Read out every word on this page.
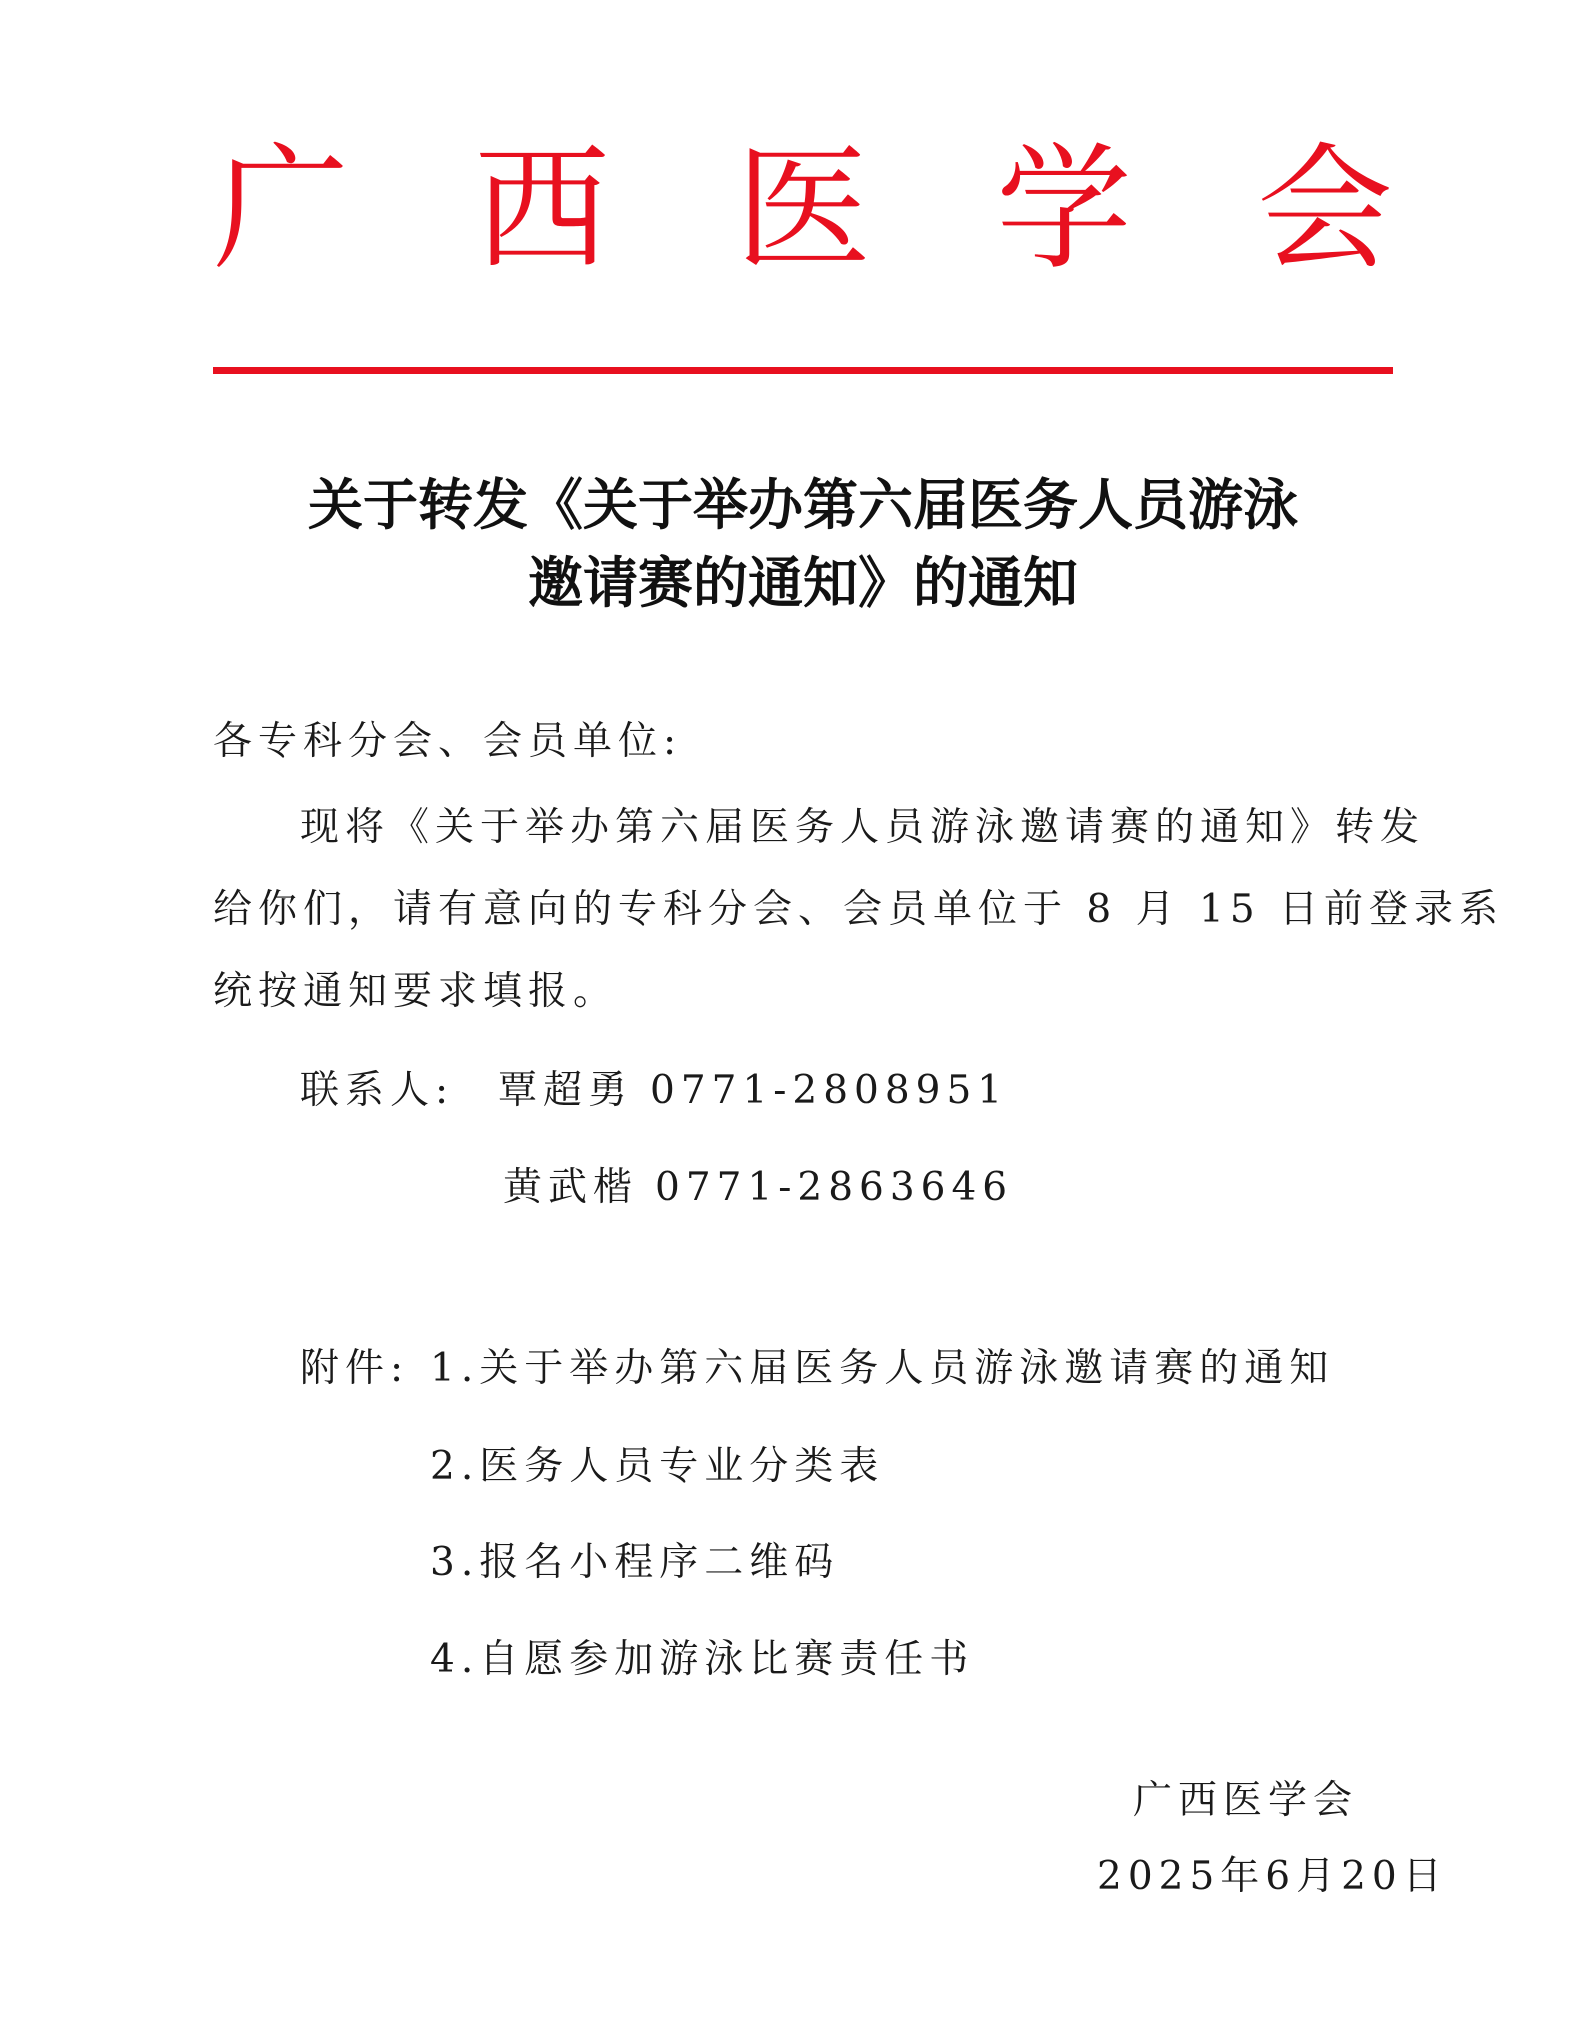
广 西 医 学 会
关于转发《关于举办第六届医务人员游泳
邀请赛的通知》的通知
各专科分会、会员单位:
现将《关于举办第六届医务人员游泳邀请赛的通知》转发
给你们，请有意向的专科分会、会员单位于 8 月 15 日前登录系
统按通知要求填报。
联系人: 覃超勇 0771-2808951
黄武楷 0771-2863646
附件: 1.关于举办第六届医务人员游泳邀请赛的通知
2.医务人员专业分类表
3.报名小程序二维码
4.自愿参加游泳比赛责任书
广西医学会
2025年6月20日
